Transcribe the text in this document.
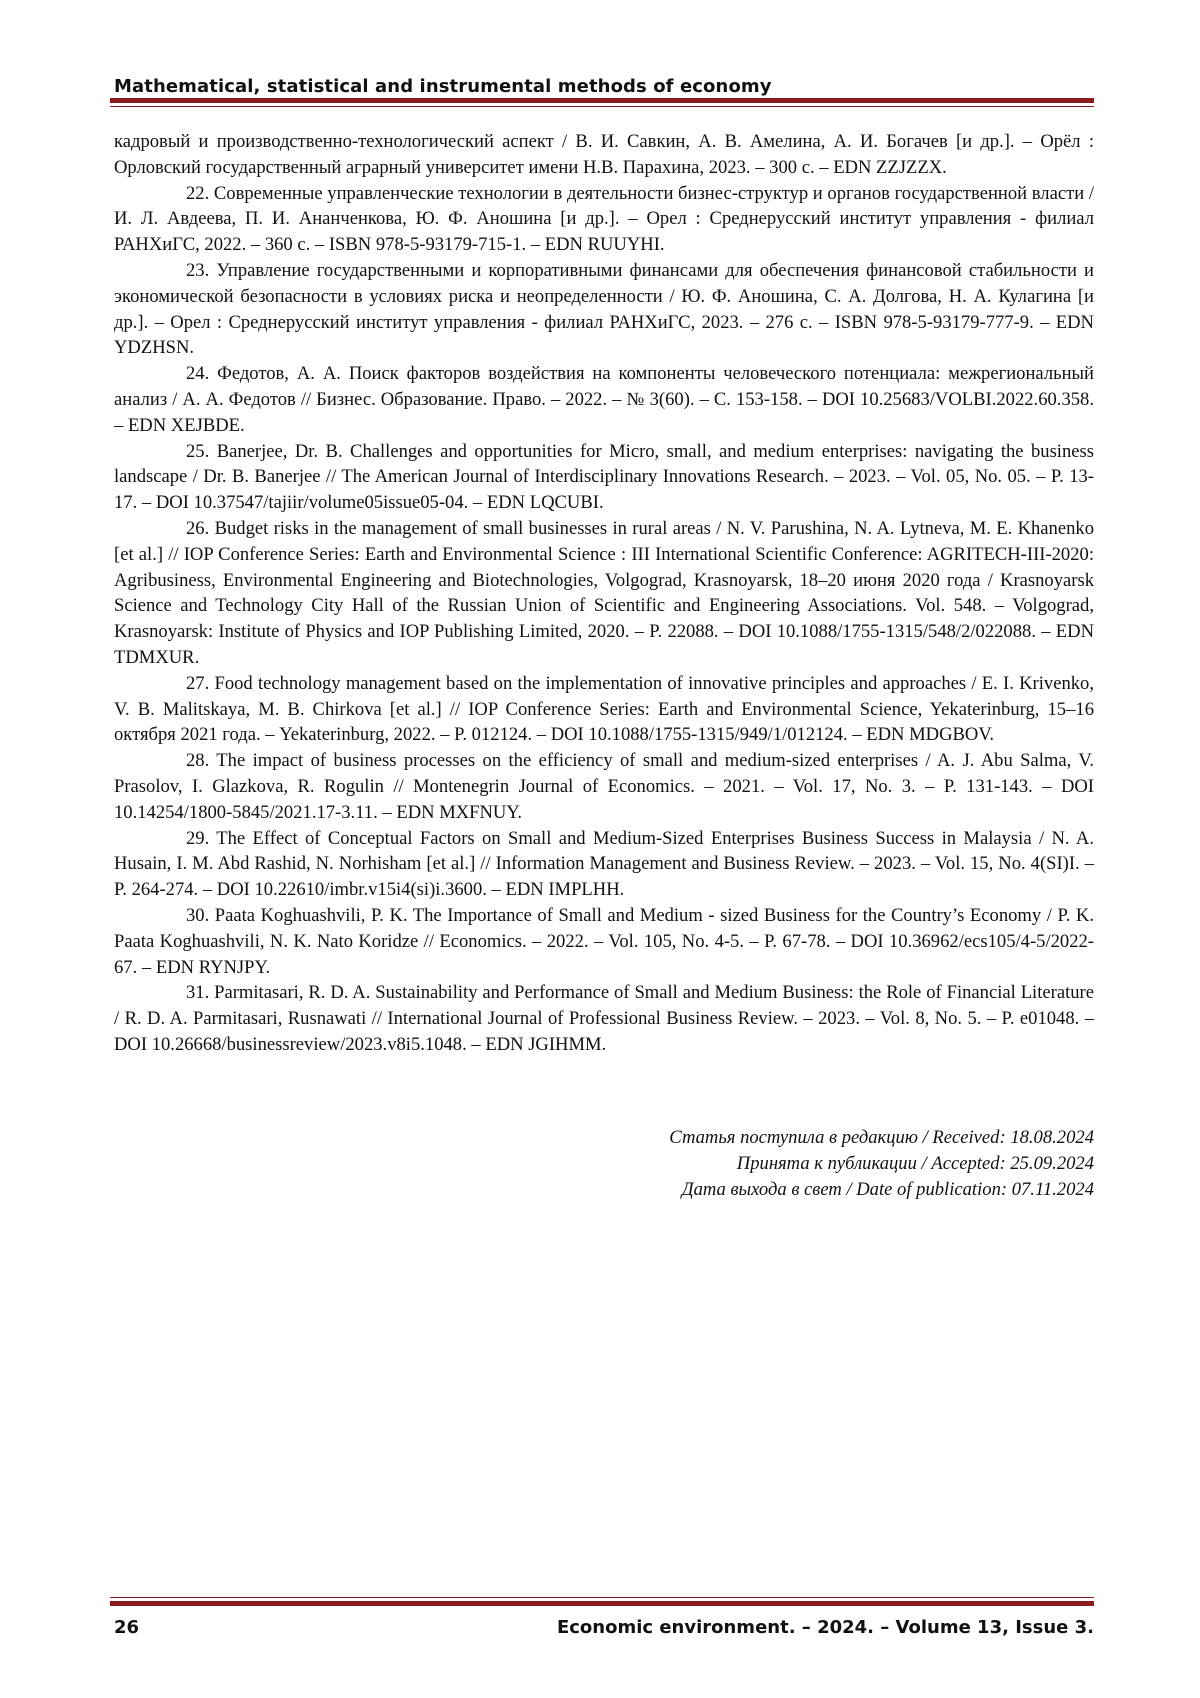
Mathematical, statistical and instrumental methods of economy

кадровый и производственно-технологический аспект / В. И. Савкин, А. В. Амелина, А. И. Богачев [и др.]. – Орёл : Орловский государственный аграрный университет имени Н.В. Парахина, 2023. – 300 с. – EDN ZZJZZX.

22. Современные управленческие технологии в деятельности бизнес-структур и органов государственной власти / И. Л. Авдеева, П. И. Ананченкова, Ю. Ф. Аношина [и др.]. – Орел : Среднерусский институт управления - филиал РАНХиГС, 2022. – 360 с. – ISBN 978-5-93179-715-1. – EDN RUUYHI.

23. Управление государственными и корпоративными финансами для обеспечения финансовой стабильности и экономической безопасности в условиях риска и неопределенности / Ю. Ф. Аношина, С. А. Долгова, Н. А. Кулагина [и др.]. – Орел : Среднерусский институт управления - филиал РАНХиГС, 2023. – 276 с. – ISBN 978-5-93179-777-9. – EDN YDZHSN.

24. Федотов, А. А. Поиск факторов воздействия на компоненты человеческого потенциала: межрегиональный анализ / А. А. Федотов // Бизнес. Образование. Право. – 2022. – № 3(60). – С. 153-158. – DOI 10.25683/VOLBI.2022.60.358. – EDN XEJBDE.

25. Banerjee, Dr. B. Challenges and opportunities for Micro, small, and medium enterprises: navigating the business landscape / Dr. B. Banerjee // The American Journal of Interdisciplinary Innovations Research. – 2023. – Vol. 05, No. 05. – P. 13-17. – DOI 10.37547/tajiir/volume05issue05-04. – EDN LQCUBI.

26. Budget risks in the management of small businesses in rural areas / N. V. Parushina, N. A. Lytneva, M. E. Khanenko [et al.] // IOP Conference Series: Earth and Environmental Science : III International Scientific Conference: AGRITECH-III-2020: Agribusiness, Environmental Engineering and Biotechnologies, Volgograd, Krasnoyarsk, 18–20 июня 2020 года / Krasnoyarsk Science and Technology City Hall of the Russian Union of Scientific and Engineering Associations. Vol. 548. – Volgograd, Krasnoyarsk: Institute of Physics and IOP Publishing Limited, 2020. – P. 22088. – DOI 10.1088/1755-1315/548/2/022088. – EDN TDMXUR.

27. Food technology management based on the implementation of innovative principles and approaches / E. I. Krivenko, V. B. Malitskaya, M. B. Chirkova [et al.] // IOP Conference Series: Earth and Environmental Science, Yekaterinburg, 15–16 октября 2021 года. – Yekaterinburg, 2022. – P. 012124. – DOI 10.1088/1755-1315/949/1/012124. – EDN MDGBOV.

28. The impact of business processes on the efficiency of small and medium-sized enterprises / A. J. Abu Salma, V. Prasolov, I. Glazkova, R. Rogulin // Montenegrin Journal of Economics. – 2021. – Vol. 17, No. 3. – P. 131-143. – DOI 10.14254/1800-5845/2021.17-3.11. – EDN MXFNUY.

29. The Effect of Conceptual Factors on Small and Medium-Sized Enterprises Business Success in Malaysia / N. A. Husain, I. M. Abd Rashid, N. Norhisham [et al.] // Information Management and Business Review. – 2023. – Vol. 15, No. 4(SI)I. – P. 264-274. – DOI 10.22610/imbr.v15i4(si)i.3600. – EDN IMPLHH.

30. Paata Koghuashvili, P. K. The Importance of Small and Medium - sized Business for the Country’s Economy / P. K. Paata Koghuashvili, N. K. Nato Koridze // Economics. – 2022. – Vol. 105, No. 4-5. – P. 67-78. – DOI 10.36962/ecs105/4-5/2022-67. – EDN RYNJPY.

31. Parmitasari, R. D. A. Sustainability and Performance of Small and Medium Business: the Role of Financial Literature / R. D. A. Parmitasari, Rusnawati // International Journal of Professional Business Review. – 2023. – Vol. 8, No. 5. – P. e01048. – DOI 10.26668/businessreview/2023.v8i5.1048. – EDN JGIHMM.

Статья поступила в редакцию / Received: 18.08.2024
Принята к публикации / Accepted: 25.09.2024
Дата выхода в свет / Date of publication: 07.11.2024
26	Economic environment. – 2024. – Volume 13, Issue 3.
